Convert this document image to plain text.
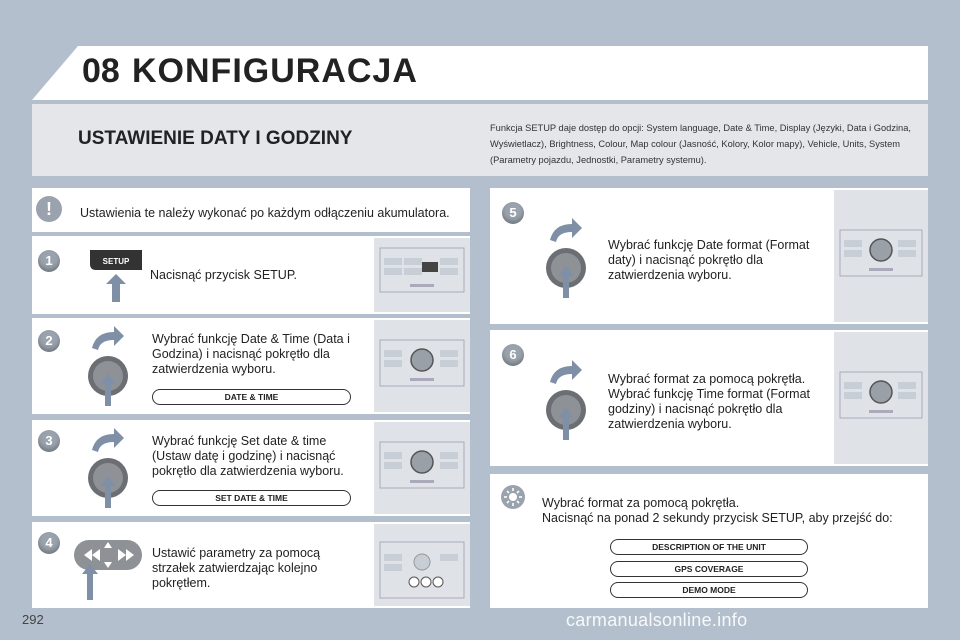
08 KONFIGURACJA
USTAWIENIE DATY I GODZINY	Funkcja SETUP daje dostęp do opcji: System language, Date & Time, Display (Języki, Data i Godzina, Wyświetlacz), Brightness, Colour, Map colour (Jasność, Kolory, Kolor mapy), Vehicle, Units, System (Parametry pojazdu, Jednostki, Parametry systemu).
!	Ustawienia te należy wykonać po każdym odłączeniu akumulatora.
1	SETUP
Nacisnąć przycisk SETUP.
2	Wybrać funkcję Date & Time (Data i Godzina) i nacisnąć pokrętło dla zatwierdzenia wyboru.
DATE & TIME
3	Wybrać funkcję Set date & time (Ustaw datę i godzinę) i nacisnąć pokrętło dla zatwierdzenia wyboru.
SET DATE & TIME
4
Ustawić parametry za pomocą strzałek zatwierdzając kolejno pokrętłem.
5
Wybrać funkcję Date format (Format daty) i nacisnąć pokrętło dla zatwierdzenia wyboru.
6
Wybrać format za pomocą pokrętła. Wybrać funkcję Time format (Format godziny) i nacisnąć pokrętło dla zatwierdzenia wyboru.
Wybrać format za pomocą pokrętła.
Nacisnąć na ponad 2 sekundy przycisk SETUP, aby przejść do:
DESCRIPTION OF THE UNIT
GPS COVERAGE
DEMO MODE
292	carmanualsonline.info
